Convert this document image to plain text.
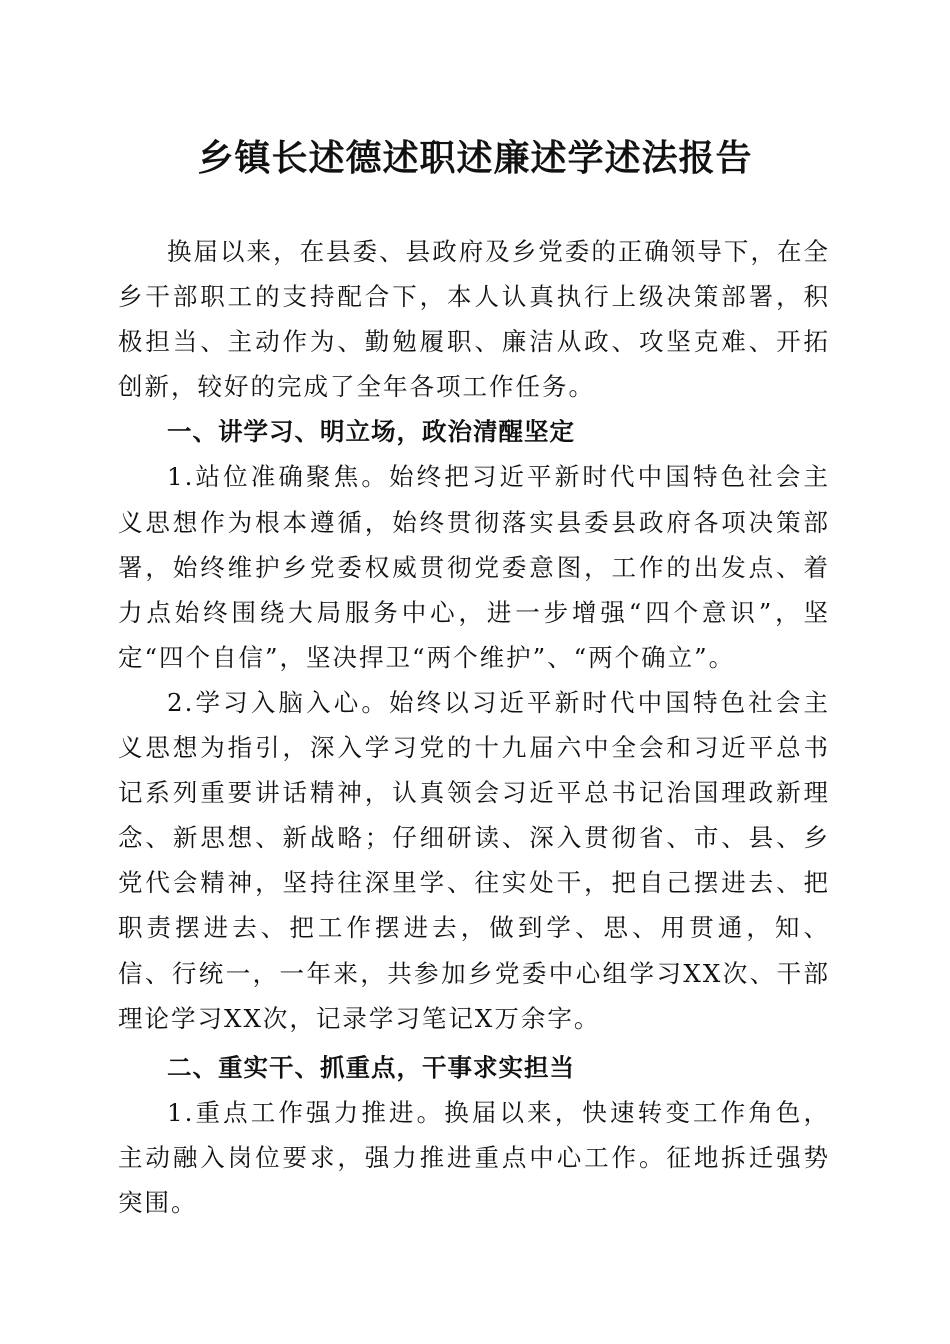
乡镇长述德述职述廉述学述法报告

换届以来，在县委、县政府及乡党委的正确领导下，在全乡干部职工的支持配合下，本人认真执行上级决策部署，积极担当、主动作为、勤勉履职、廉洁从政、攻坚克难、开拓创新，较好的完成了全年各项工作任务。

一、讲学习、明立场，政治清醒坚定

1.站位准确聚焦。始终把习近平新时代中国特色社会主义思想作为根本遵循，始终贯彻落实县委县政府各项决策部署，始终维护乡党委权威贯彻党委意图，工作的出发点、着力点始终围绕大局服务中心，进一步增强“四个意识”，坚定“四个自信”，坚决捍卫“两个维护”、“两个确立”。

2.学习入脑入心。始终以习近平新时代中国特色社会主义思想为指引，深入学习党的十九届六中全会和习近平总书记系列重要讲话精神，认真领会习近平总书记治国理政新理念、新思想、新战略；仔细研读、深入贯彻省、市、县、乡党代会精神，坚持往深里学、往实处干，把自己摆进去、把职责摆进去、把工作摆进去，做到学、思、用贯通，知、信、行统一，一年来，共参加乡党委中心组学习XX次、干部理论学习XX次，记录学习笔记X万余字。

二、重实干、抓重点，干事求实担当

1.重点工作强力推进。换届以来，快速转变工作角色，主动融入岗位要求，强力推进重点中心工作。征地拆迁强势突围。
